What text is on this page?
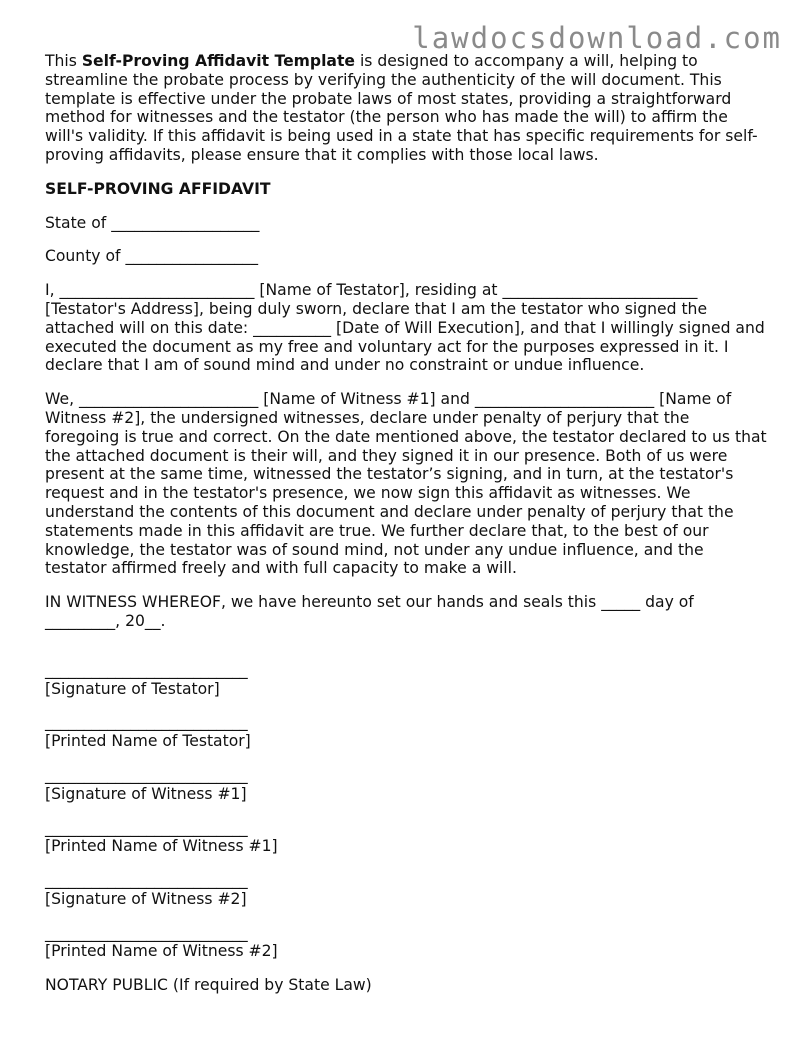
lawdocsdownload.com

This Self-Proving Affidavit Template is designed to accompany a will, helping to streamline the probate process by verifying the authenticity of the will document. This template is effective under the probate laws of most states, providing a straightforward method for witnesses and the testator (the person who has made the will) to affirm the will's validity. If this affidavit is being used in a state that has specific requirements for self-proving affidavits, please ensure that it complies with those local laws.

SELF-PROVING AFFIDAVIT

State of ___________________

County of _________________

I, _________________________ [Name of Testator], residing at _________________________ [Testator's Address], being duly sworn, declare that I am the testator who signed the attached will on this date: __________ [Date of Will Execution], and that I willingly signed and executed the document as my free and voluntary act for the purposes expressed in it. I declare that I am of sound mind and under no constraint or undue influence.

We, _______________________ [Name of Witness #1] and _______________________ [Name of Witness #2], the undersigned witnesses, declare under penalty of perjury that the foregoing is true and correct. On the date mentioned above, the testator declared to us that the attached document is their will, and they signed it in our presence. Both of us were present at the same time, witnessed the testator’s signing, and in turn, at the testator's request and in the testator's presence, we now sign this affidavit as witnesses. We understand the contents of this document and declare under penalty of perjury that the statements made in this affidavit are true. We further declare that, to the best of our knowledge, the testator was of sound mind, not under any undue influence, and the testator affirmed freely and with full capacity to make a will.

IN WITNESS WHEREOF, we have hereunto set our hands and seals this _____ day of _________, 20__.

__________________________
[Signature of Testator]
__________________________
[Printed Name of Testator]
__________________________
[Signature of Witness #1]
__________________________
[Printed Name of Witness #1]
__________________________
[Signature of Witness #2]
__________________________
[Printed Name of Witness #2]

NOTARY PUBLIC (If required by State Law)
